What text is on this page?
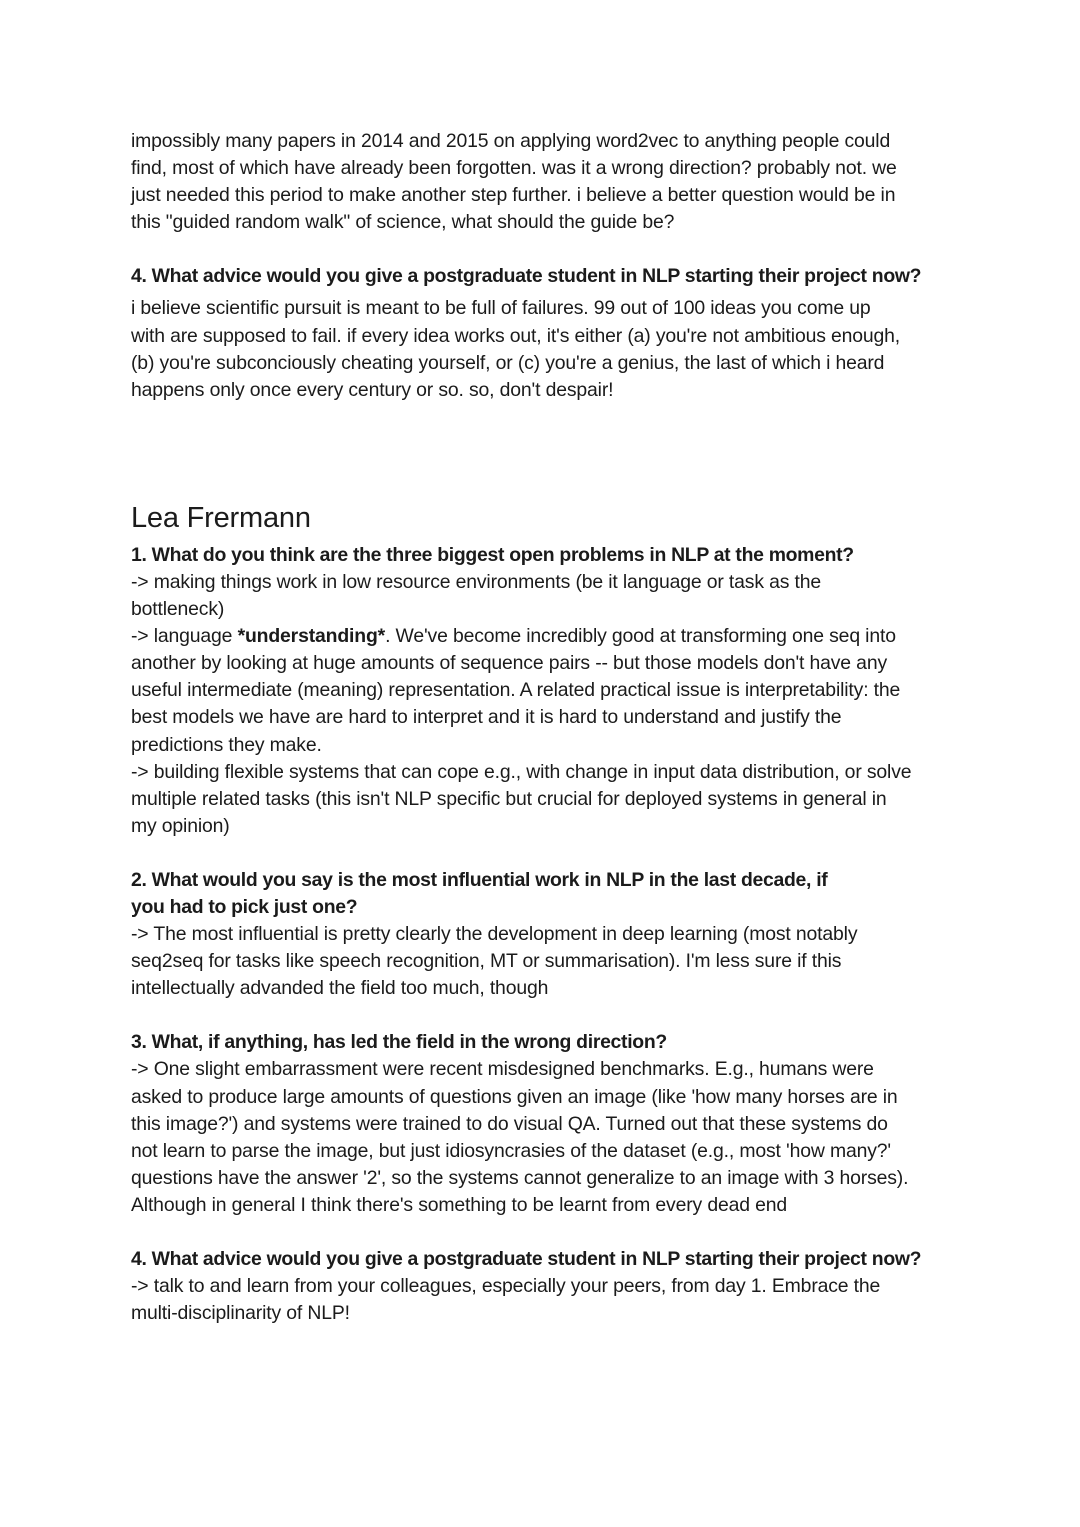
impossibly many papers in 2014 and 2015 on applying word2vec to anything people could

find, most of which have already been forgotten. was it a wrong direction? probably not. we

just needed this period to make another step further. i believe a better question would be in

this "guided random walk" of science, what should the guide be?

4. What advice would you give a postgraduate student in NLP starting their project now?

i believe scientific pursuit is meant to be full of failures. 99 out of 100 ideas you come up

with are supposed to fail. if every idea works out, it's either (a) you're not ambitious enough,

(b) you're subconciously cheating yourself, or (c) you're a genius, the last of which i heard

happens only once every century or so. so, don't despair!

Lea Frermann

1. What do you think are the three biggest open problems in NLP at the moment?

-> making things work in low resource environments (be it language or task as the

bottleneck)

-> language *understanding*. We've become incredibly good at transforming one seq into

another by looking at huge amounts of sequence pairs -- but those models don't have any

useful intermediate (meaning) representation. A related practical issue is interpretability: the

best models we have are hard to interpret and it is hard to understand and justify the

predictions they make.

-> building flexible systems that can cope e.g., with change in input data distribution, or solve

multiple related tasks (this isn't NLP specific but crucial for deployed systems in general in

my opinion)

2. What would you say is the most influential work in NLP in the last decade, if

you had to pick just one?

-> The most influential is pretty clearly the development in deep learning (most notably

seq2seq for tasks like speech recognition, MT or summarisation). I'm less sure if this

intellectually advanded the field too much, though

3. What, if anything, has led the field in the wrong direction?

-> One slight embarrassment were recent misdesigned benchmarks. E.g., humans were

asked to produce large amounts of questions given an image (like 'how many horses are in

this image?') and systems were trained to do visual QA. Turned out that these systems do

not learn to parse the image, but just idiosyncrasies of the dataset (e.g., most 'how many?'

questions have the answer '2', so the systems cannot generalize to an image with 3 horses).

Although in general I think there's something to be learnt from every dead end

4. What advice would you give a postgraduate student in NLP starting their project now?

-> talk to and learn from your colleagues, especially your peers, from day 1. Embrace the

multi-disciplinarity of NLP!
